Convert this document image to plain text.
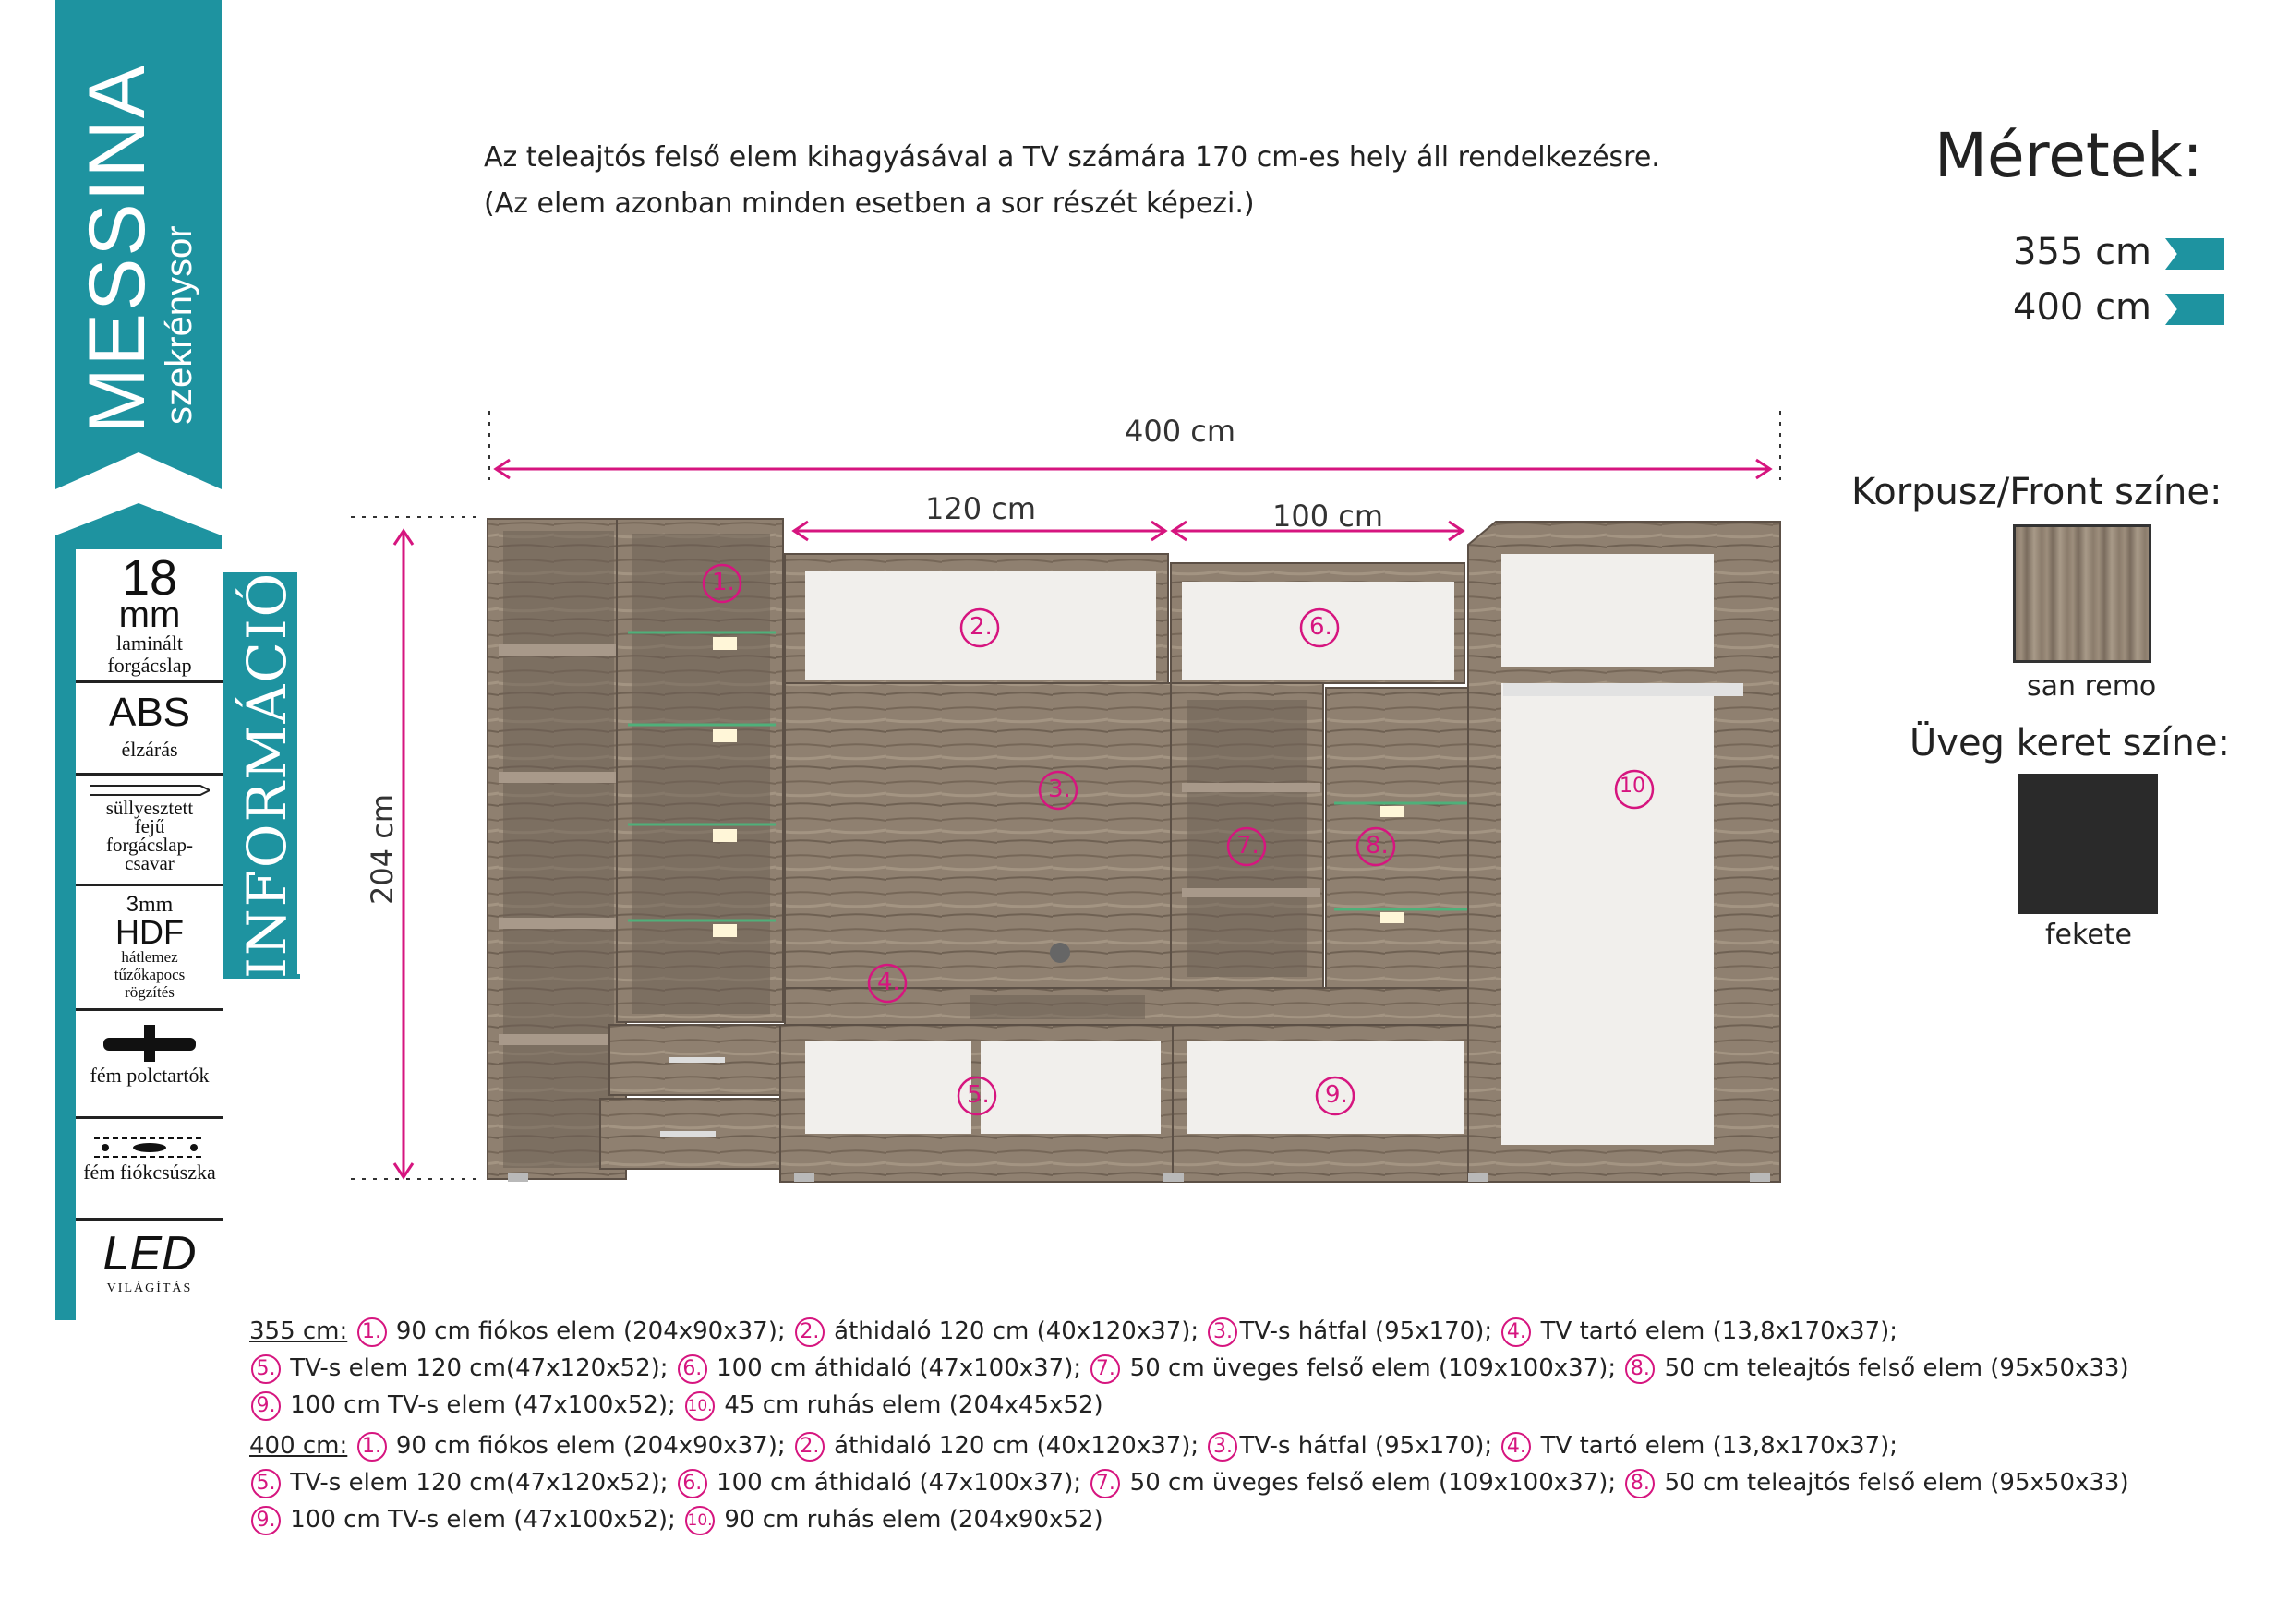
MESSINA
szekrénysor
INFORMÁCIÓ
18
mm
laminált forgácslap
ABS
élzárás
süllyesztett fejű forgácslap-csavar
3mm
HDF
hátlemez tűzőkapocs rögzítés
fém polctartók
fém fiókcsúszka
LED
VILÁGÍTÁS
Az teleajtós felső elem kihagyásával a TV számára 170 cm-es hely áll rendelkezésre.
(Az elem azonban minden esetben a sor részét képezi.)
Méretek:
355 cm
400 cm
Korpusz/Front színe:
san remo
Üveg keret színe:
fekete
400 cm
120 cm	100 cm
204 cm
1.
2.
3.
4.
5.
6.
7.	8.
9.
10
355 cm: 1. 90 cm fiókos elem (204x90x37); 2. áthidaló 120 cm (40x120x37); 3. TV-s hátfal (95x170); 4. TV tartó elem (13,8x170x37);
5. TV-s elem 120 cm(47x120x52); 6. 100 cm áthidaló (47x100x37); 7. 50 cm üveges felső elem (109x100x37); 8. 50 cm teleajtós felső elem (95x50x33)
9. 100 cm TV-s elem (47x100x52); 10. 45 cm ruhás elem (204x45x52)
400 cm: 1. 90 cm fiókos elem (204x90x37); 2. áthidaló 120 cm (40x120x37); 3. TV-s hátfal (95x170); 4. TV tartó elem (13,8x170x37);
5. TV-s elem 120 cm(47x120x52); 6. 100 cm áthidaló (47x100x37); 7. 50 cm üveges felső elem (109x100x37); 8. 50 cm teleajtós felső elem (95x50x33)
9. 100 cm TV-s elem (47x100x52); 10. 90 cm ruhás elem (204x90x52)
